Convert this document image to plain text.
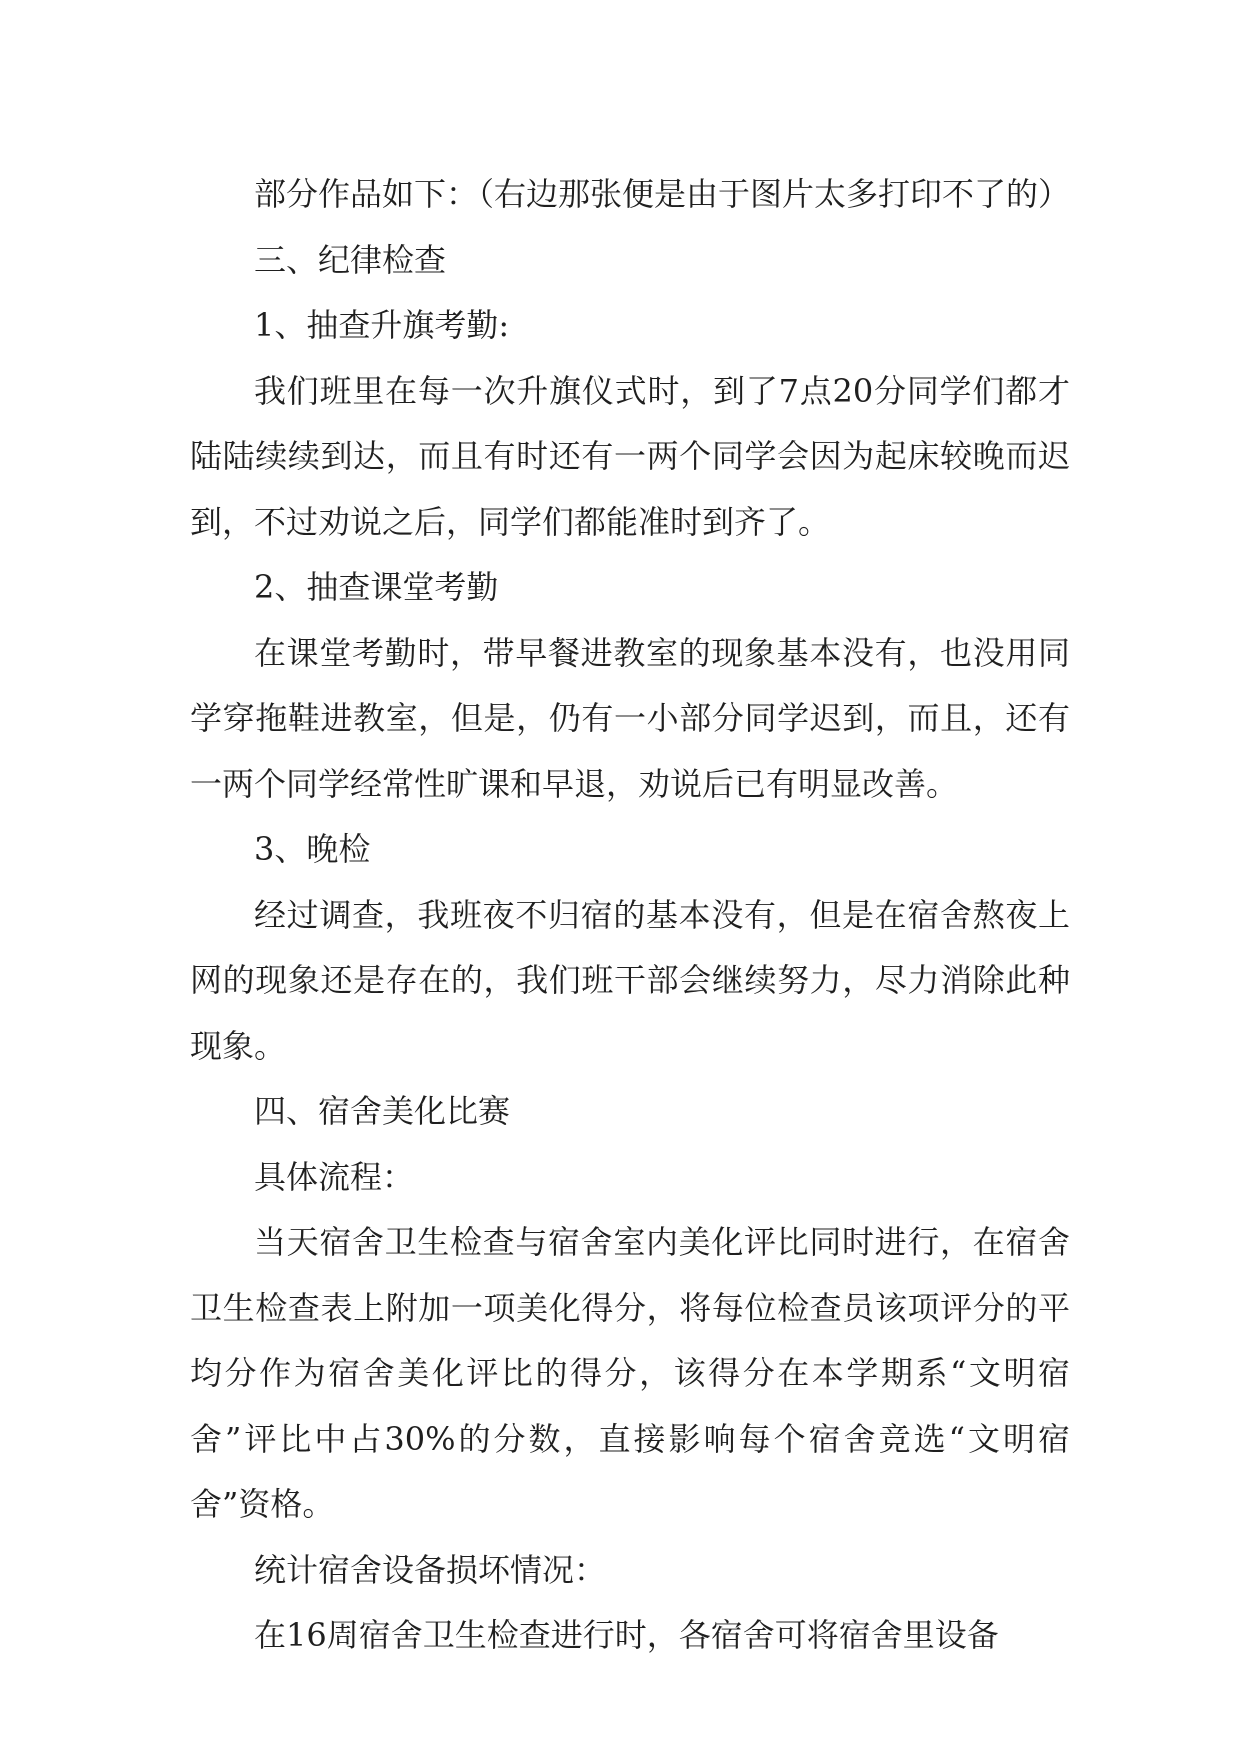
部分作品如下：（右边那张便是由于图片太多打印不了的）

三、纪律检查

1、抽查升旗考勤:

我们班里在每一次升旗仪式时，到了7点20分同学们都才陆陆续续到达，而且有时还有一两个同学会因为起床较晚而迟到，不过劝说之后，同学们都能准时到齐了。

2、抽查课堂考勤

在课堂考勤时，带早餐进教室的现象基本没有，也没用同学穿拖鞋进教室，但是，仍有一小部分同学迟到，而且，还有一两个同学经常性旷课和早退，劝说后已有明显改善。

3、晚检

经过调查，我班夜不归宿的基本没有，但是在宿舍熬夜上网的现象还是存在的，我们班干部会继续努力，尽力消除此种现象。

四、宿舍美化比赛

具体流程：

当天宿舍卫生检查与宿舍室内美化评比同时进行，在宿舍卫生检查表上附加一项美化得分，将每位检查员该项评分的平均分作为宿舍美化评比的得分，该得分在本学期系“文明宿舍”评比中占30%的分数，直接影响每个宿舍竞选“文明宿舍”资格。

统计宿舍设备损坏情况：

在16周宿舍卫生检查进行时，各宿舍可将宿舍里设备
